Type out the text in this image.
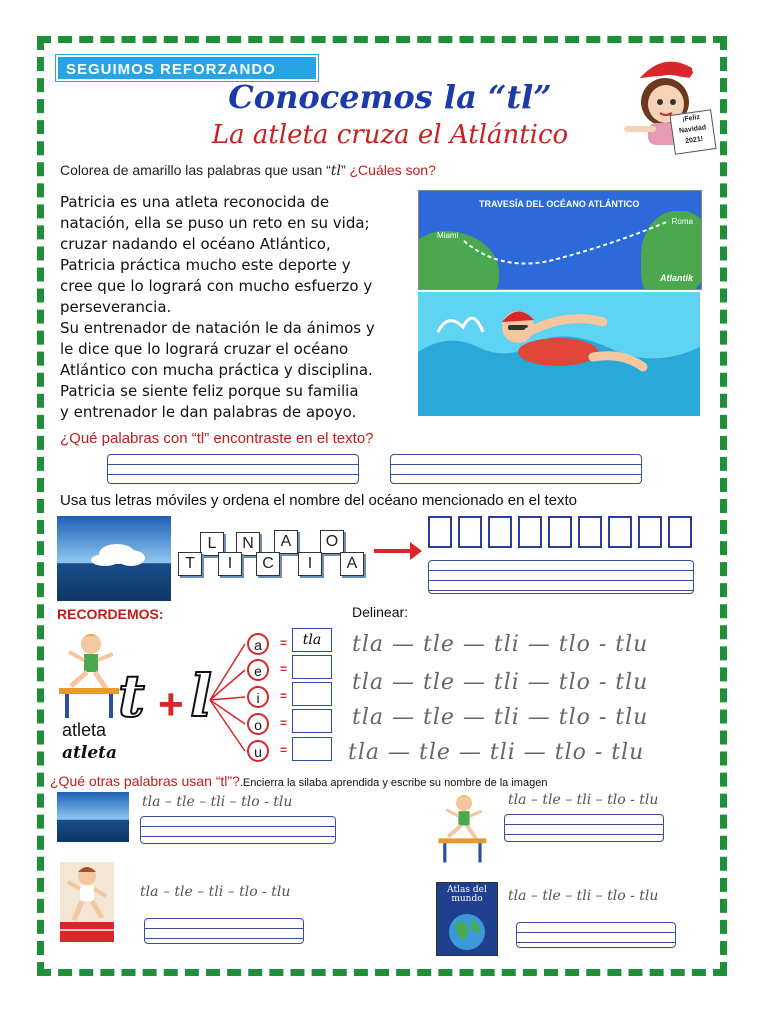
SEGUIMOS REFORZANDO
Conocemos la “tl”
La atleta cruza el Atlántico
¡Feliz
Navidad
2021!
Colorea de amarillo las palabras que usan “tl” ¿Cuáles son?
Patricia es una atleta reconocida de
natación, ella se puso un reto en su vida;
cruzar nadando el océano Atlántico,
Patricia práctica mucho este deporte y
cree que lo logrará con mucho esfuerzo y
perseverancia.
Su entrenador de natación le da ánimos y
le dice que lo logrará cruzar el océano
Atlántico con mucha práctica y disciplina.
Patricia se siente feliz porque su familia
y entrenador le dan palabras de apoyo.
TRAVESÍA DEL OCÉANO ATLÁNTICO
Miami
Roma
Atlantik
¿Qué palabras con “tl” encontraste en el texto?
Usa tus letras móviles y ordena el nombre del océano mencionado en el texto
L	N	A	O
T	I	C	I	A
RECORDEMOS:	Delinear:
atleta
atleta
t + l
a
e
i
o
u
=
=
=
=
=
tla	tla — tle — tli — tlo - tlu
tla — tle — tli — tlo - tlu
tla — tle — tli — tlo - tlu
tla — tle — tli — tlo - tlu
¿Qué otras palabras usan “tl”?.Encierra la silaba aprendida y escribe su nombre de la imagen
tla – tle – tli – tlo - tlu	tla – tle – tli – tlo - tlu
tla – tle – tli – tlo - tlu	Atlas del mundo	tla – tle – tli – tlo - tlu
